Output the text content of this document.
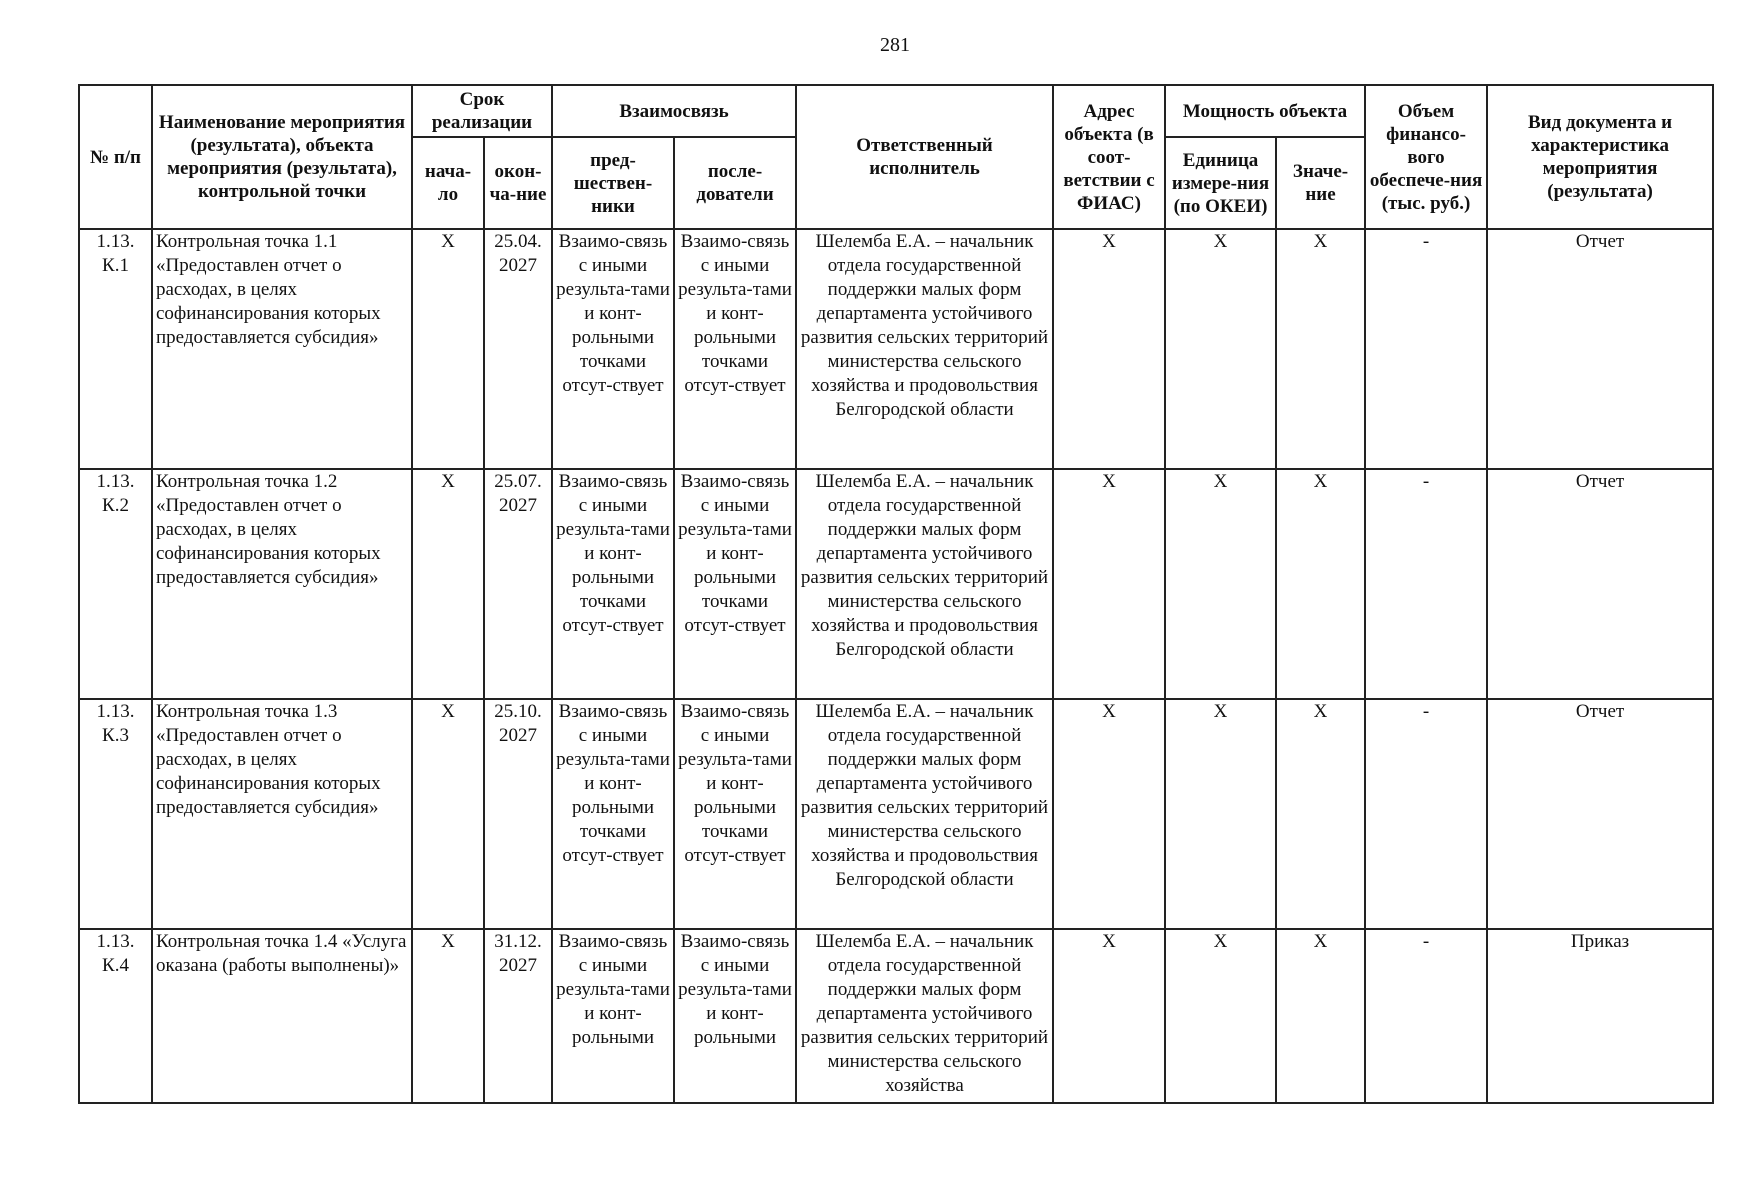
281
№ п/п	Наименование мероприятия (результата), объекта мероприятия (результата), контрольной точки	Срок реализации		Взаимосвязь		Ответственный исполнитель	Адрес объекта (в соот-ветствии с ФИАС)	Мощность объекта		Объем финансо-вого обеспече-ния (тыс. руб.)	Вид документа и характеристика мероприятия (результата)
		нача-ло	окон-ча-ние	пред-шествен-ники	после-дователи			Единица измере-ния (по ОКЕИ)	Значе-ние		

1.13. К.1	Контрольная точка 1.1 «Предоставлен отчет о расходах, в целях софинансирования которых предоставляется субсидия»	Х	25.04. 2027	Взаимо-связь с иными результа-тами и конт-рольными точками отсут-ствует	Взаимо-связь с иными результа-тами и конт-рольными точками отсут-ствует	Шелемба Е.А. – начальник отдела государственной поддержки малых форм департамента устойчивого развития сельских территорий министерства сельского хозяйства и продовольствия Белгородской области	Х	Х	Х	-	Отчет
1.13. К.2	Контрольная точка 1.2 «Предоставлен отчет о расходах, в целях софинансирования которых предоставляется субсидия»	Х	25.07. 2027	Взаимо-связь с иными результа-тами и конт-рольными точками отсут-ствует	Взаимо-связь с иными результа-тами и конт-рольными точками отсут-ствует	Шелемба Е.А. – начальник отдела государственной поддержки малых форм департамента устойчивого развития сельских территорий министерства сельского хозяйства и продовольствия Белгородской области	Х	Х	Х	-	Отчет
1.13. К.3	Контрольная точка 1.3 «Предоставлен отчет о расходах, в целях софинансирования которых предоставляется субсидия»	Х	25.10. 2027	Взаимо-связь с иными результа-тами и конт-рольными точками отсут-ствует	Взаимо-связь с иными результа-тами и конт-рольными точками отсут-ствует	Шелемба Е.А. – начальник отдела государственной поддержки малых форм департамента устойчивого развития сельских территорий министерства сельского хозяйства и продовольствия Белгородской области	Х	Х	Х	-	Отчет

1.13. К.4	Контрольная точка 1.4 «Услуга оказана (работы выполнены)»	Х	31.12. 2027	Взаимо-связь с иными результа-тами и конт-рольными	Взаимо-связь с иными результа-тами и конт-рольными	Шелемба Е.А. – начальник отдела государственной поддержки малых форм департамента устойчивого развития сельских территорий министерства сельского хозяйства	Х	Х	Х	-	Приказ
